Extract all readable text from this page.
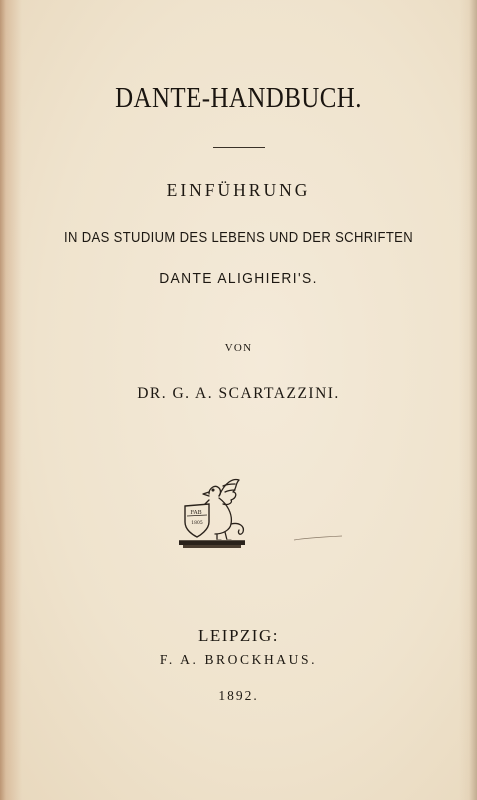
DANTE-HANDBUCH.

EINFÜHRUNG

IN DAS STUDIUM DES LEBENS UND DER SCHRIFTEN

DANTE ALIGHIERI'S.

VON

DR. G. A. SCARTAZZINI.

FAB
1805

LEIPZIG:

F. A. BROCKHAUS.

1892.
